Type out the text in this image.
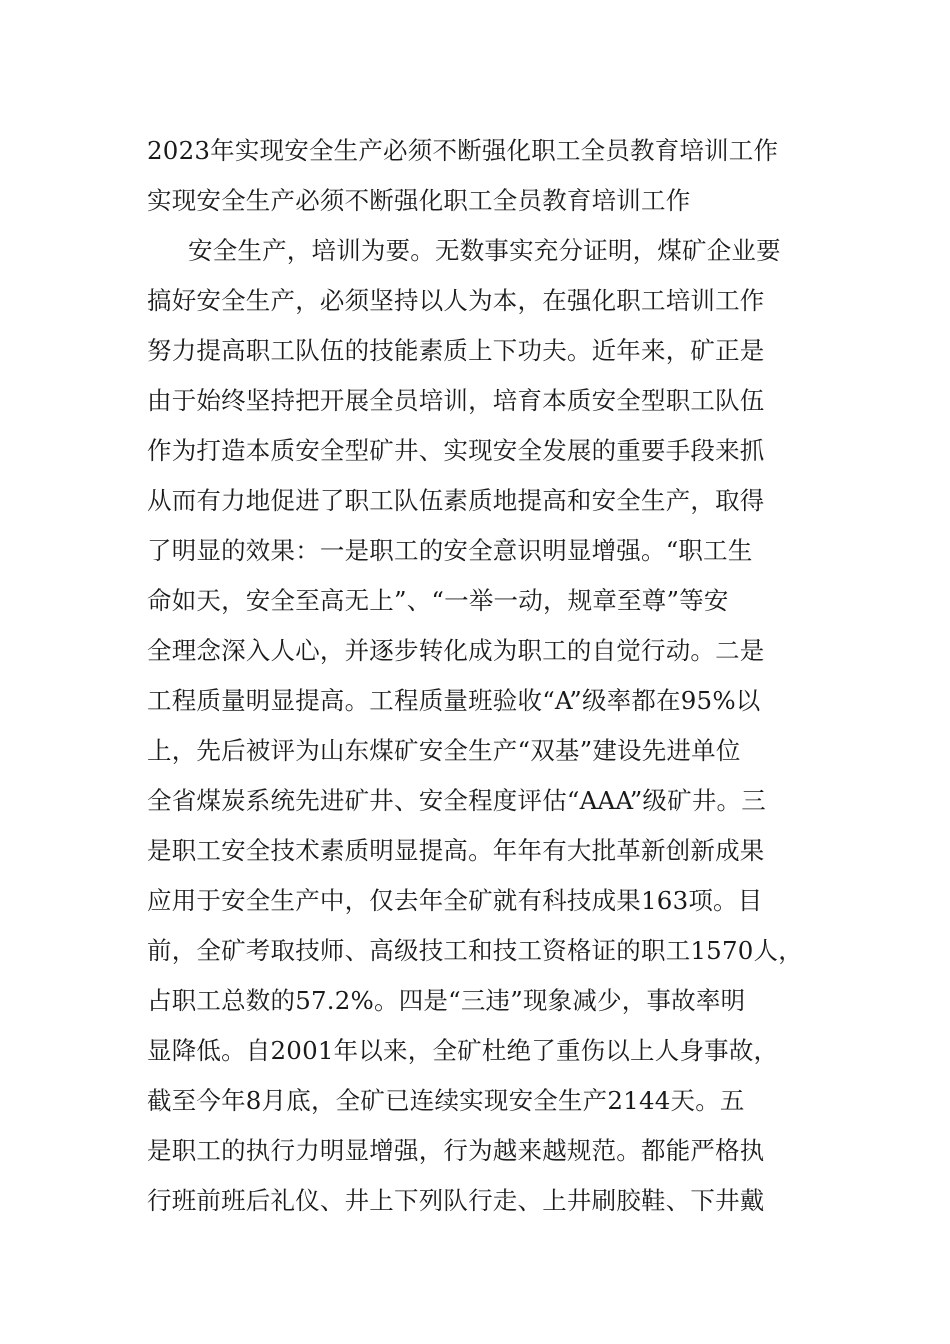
2023年实现安全生产必须不断强化职工全员教育培训工作
实现安全生产必须不断强化职工全员教育培训工作
安全生产，培训为要。无数事实充分证明，煤矿企业要
搞好安全生产，必须坚持以人为本，在强化职工培训工作
努力提高职工队伍的技能素质上下功夫。近年来，矿正是
由于始终坚持把开展全员培训，培育本质安全型职工队伍
作为打造本质安全型矿井、实现安全发展的重要手段来抓
从而有力地促进了职工队伍素质地提高和安全生产，取得
了明显的效果：一是职工的安全意识明显增强。“职工生
命如天，安全至高无上”、“一举一动，规章至尊”等安
全理念深入人心，并逐步转化成为职工的自觉行动。二是
工程质量明显提高。工程质量班验收“A”级率都在95%以
上，先后被评为山东煤矿安全生产“双基”建设先进单位
全省煤炭系统先进矿井、安全程度评估“AAA”级矿井。三
是职工安全技术素质明显提高。年年有大批革新创新成果
应用于安全生产中，仅去年全矿就有科技成果163项。目
前，全矿考取技师、高级技工和技工资格证的职工1570人，
占职工总数的57.2%。四是“三违”现象减少，事故率明
显降低。自2001年以来，全矿杜绝了重伤以上人身事故，
截至今年8月底，全矿已连续实现安全生产2144天。五
是职工的执行力明显增强，行为越来越规范。都能严格执
行班前班后礼仪、井上下列队行走、上井刷胶鞋、下井戴
